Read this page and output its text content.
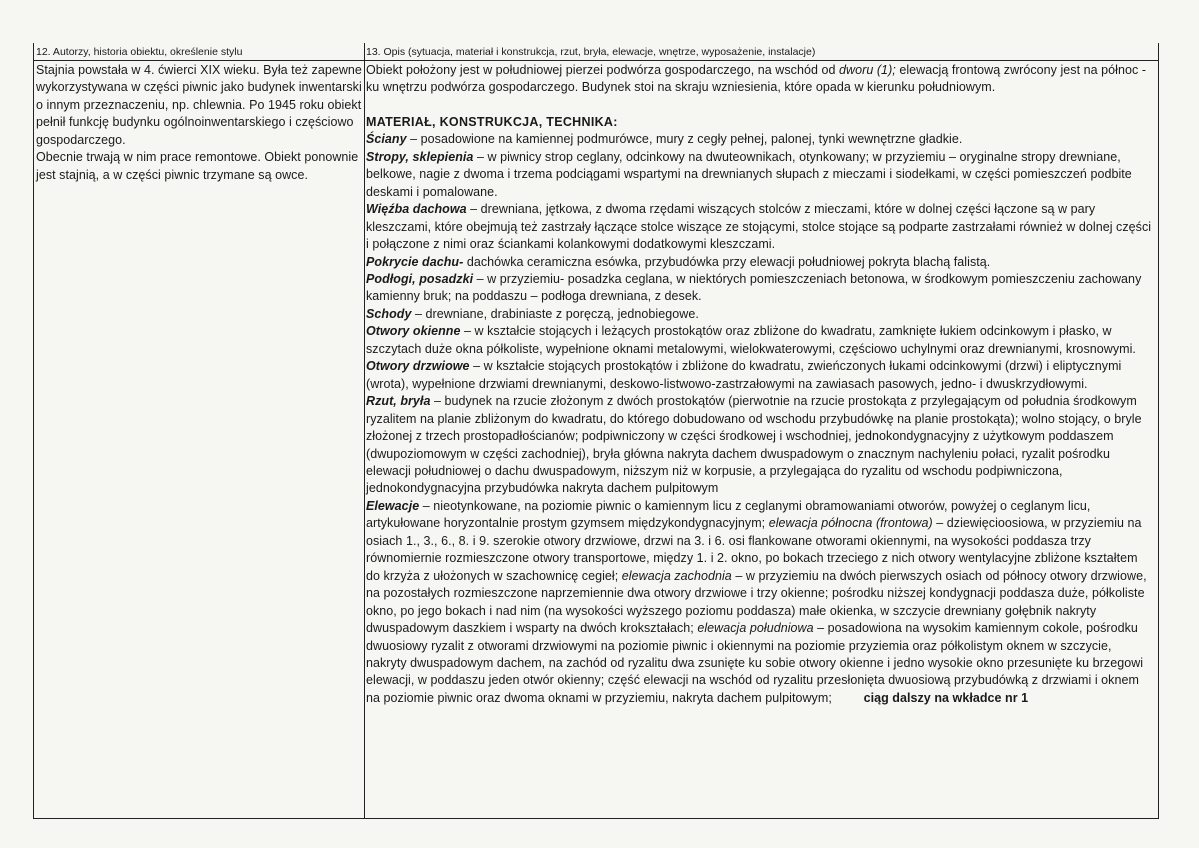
12. Autorzy, historia obiektu, określenie stylu

Stajnia powstała w 4. ćwierci XIX wieku. Była też zapewne wykorzystywana w części piwnic jako budynek inwentarski o innym przeznaczeniu, np. chlewnia. Po 1945 roku obiekt pełnił funkcję budynku ogólnoinwentarskiego i częściowo gospodarczego.

Obecnie trwają w nim prace remontowe. Obiekt ponownie jest stajnią, a w części piwnic trzymane są owce.

13. Opis (sytuacja, materiał i konstrukcja, rzut, bryła, elewacje, wnętrze, wyposażenie, instalacje)

Obiekt położony jest w południowej pierzei podwórza gospodarczego, na wschód od dworu (1); elewacją frontową zwrócony jest na północ - ku wnętrzu podwórza gospodarczego. Budynek stoi na skraju wzniesienia, które opada w kierunku południowym.

MATERIAŁ, KONSTRUKCJA, TECHNIKA:

Ściany – posadowione na kamiennej podmurówce, mury z cegły pełnej, palonej, tynki wewnętrzne gładkie.

Stropy, sklepienia – w piwnicy strop ceglany, odcinkowy na dwuteownikach, otynkowany; w przyziemiu – oryginalne stropy drewniane, belkowe, nagie z dwoma i trzema podciągami wspartymi na drewnianych słupach z mieczami i siodełkami, w części pomieszczeń podbite deskami i pomalowane.

Więźba dachowa – drewniana, jętkowa, z dwoma rzędami wiszących stolców z mieczami, które w dolnej części łączone są w pary kleszczami, które obejmują też zastrzały łączące stolce wiszące ze stojącymi, stolce stojące są podparte zastrzałami również w dolnej części i połączone z nimi oraz ściankami kolankowymi dodatkowymi kleszczami.

Pokrycie dachu- dachówka ceramiczna esówka, przybudówka przy elewacji południowej pokryta blachą falistą.

Podłogi, posadzki – w przyziemiu- posadzka ceglana, w niektórych pomieszczeniach betonowa, w środkowym pomieszczeniu zachowany kamienny bruk; na poddaszu – podłoga drewniana, z desek.

Schody – drewniane, drabiniaste z poręczą, jednobiegowe.

Otwory okienne – w kształcie stojących i leżących prostokątów oraz zbliżone do kwadratu, zamknięte łukiem odcinkowym i płasko, w szczytach duże okna półkoliste, wypełnione oknami metalowymi, wielokwaterowymi, częściowo uchylnymi oraz drewnianymi, krosnowymi.

Otwory drzwiowe – w kształcie stojących prostokątów i zbliżone do kwadratu, zwieńczonych łukami odcinkowymi (drzwi) i eliptycznymi (wrota), wypełnione drzwiami drewnianymi, deskowo-listwowo-zastrzałowymi na zawiasach pasowych, jedno- i dwuskrzydłowymi.

Rzut, bryła – budynek na rzucie złożonym z dwóch prostokątów (pierwotnie na rzucie prostokąta z przylegającym od południa środkowym ryzalitem na planie zbliżonym do kwadratu, do którego dobudowano od wschodu przybudówkę na planie prostokąta); wolno stojący, o bryle złożonej z trzech prostopadłościanów; podpiwniczony w części środkowej i wschodniej, jednokondygnacyjny z użytkowym poddaszem (dwupoziomowym w części zachodniej), bryła główna nakryta dachem dwuspadowym o znacznym nachyleniu połaci, ryzalit pośrodku elewacji południowej o dachu dwuspadowym, niższym niż w korpusie, a przylegająca do ryzalitu od wschodu podpiwniczona, jednokondygnacyjna przybudówka nakryta dachem pulpitowym

Elewacje – nieotynkowane, na poziomie piwnic o kamiennym licu z ceglanymi obramowaniami otworów, powyżej o ceglanym licu, artykułowane horyzontalnie prostym gzymsem międzykondygnacyjnym; elewacja północna (frontowa) – dziewięcioosiowa, w przyziemiu na osiach 1., 3., 6., 8. i 9. szerokie otwory drzwiowe, drzwi na 3. i 6. osi flankowane otworami okiennymi, na wysokości poddasza trzy równomiernie rozmieszczone otwory transportowe, między 1. i 2. okno, po bokach trzeciego z nich otwory wentylacyjne zbliżone kształtem do krzyża z ułożonych w szachownicę cegieł; elewacja zachodnia – w przyziemiu na dwóch pierwszych osiach od północy otwory drzwiowe, na pozostałych rozmieszczone naprzemiennie dwa otwory drzwiowe i trzy okienne; pośrodku niższej kondygnacji poddasza duże, półkoliste okno, po jego bokach i nad nim (na wysokości wyższego poziomu poddasza) małe okienka, w szczycie drewniany gołębnik nakryty dwuspadowym daszkiem i wsparty na dwóch krokształach; elewacja południowa – posadowiona na wysokim kamiennym cokole, pośrodku dwuosiowy ryzalit z otworami drzwiowymi na poziomie piwnic i okiennymi na poziomie przyziemia oraz półkolistym oknem w szczycie, nakryty dwuspadowym dachem, na zachód od ryzalitu dwa zsunięte ku sobie otwory okienne i jedno wysokie okno przesunięte ku brzegowi elewacji, w poddaszu jeden otwór okienny; część elewacji na wschód od ryzalitu przesłonięta dwuosiową przybudówką z drzwiami i oknem na poziomie piwnic oraz dwoma oknami w przyziemiu, nakryta dachem pulpitowym;	ciąg dalszy na wkładce nr 1
